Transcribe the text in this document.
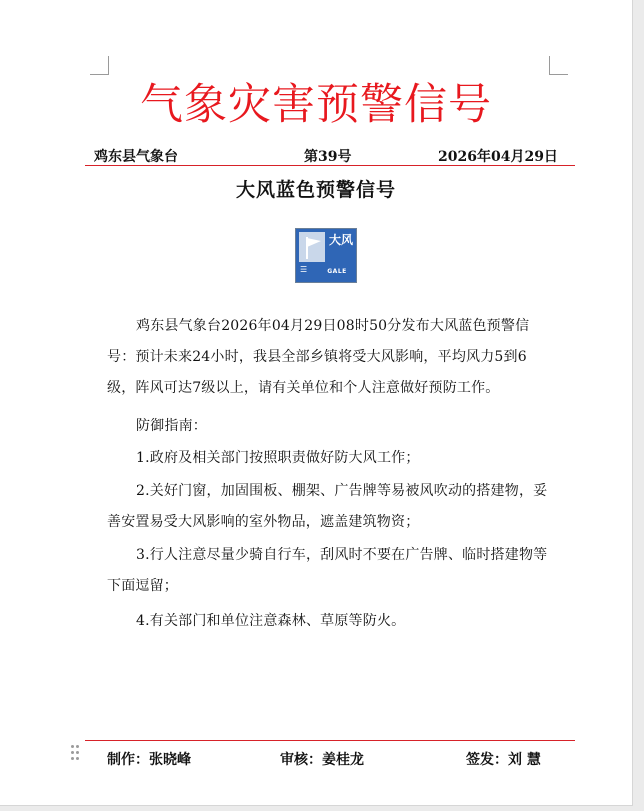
气象灾害预警信号
鸡东县气象台	第39号	2026年04月29日
大风蓝色预警信号
大风
☰	GALE
鸡东县气象台2026年04月29日08时50分发布大风蓝色预警信号：预计未来24小时，我县全部乡镇将受大风影响，平均风力5到6级，阵风可达7级以上，请有关单位和个人注意做好预防工作。
防御指南：
1.政府及相关部门按照职责做好防大风工作；
2.关好门窗，加固围板、棚架、广告牌等易被风吹动的搭建物，妥善安置易受大风影响的室外物品，遮盖建筑物资；
3.行人注意尽量少骑自行车，刮风时不要在广告牌、临时搭建物等下面逗留；
4.有关部门和单位注意森林、草原等防火。
制作：张晓峰	审核：姜桂龙	签发：刘 慧
